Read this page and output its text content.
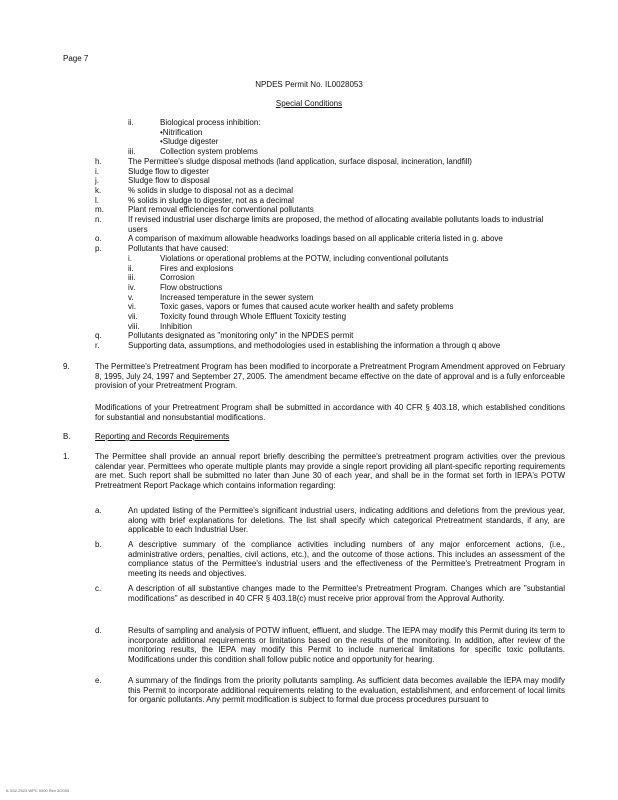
Page 7
NPDES Permit No. IL0028053
Special Conditions
ii.	Biological process inhibition:
•Nitrification
•Sludge digester
iii.	Collection system problems
h.	The Permittee's sludge disposal methods (land application, surface disposal, incineration, landfill)
i.	Sludge flow to digester
j.	Sludge flow to disposal
k.	% solids in sludge to disposal not as a decimal
l.	% solids in sludge to digester, not as a decimal
m.	Plant removal efficiencies for conventional pollutants
n.	If revised industrial user discharge limits are proposed, the method of allocating available pollutants loads to industrial
users
o.	A comparison of maximum allowable headworks loadings based on all applicable criteria listed in g. above
p.	Pollutants that have caused:
i.	Violations or operational problems at the POTW, including conventional pollutants
ii.	Fires and explosions
iii.	Corrosion
iv.	Flow obstructions
v.	Increased temperature in the sewer system
vi.	Toxic gases, vapors or fumes that caused acute worker health and safety problems
vii.	Toxicity found through Whole Effluent Toxicity testing
viii.	Inhibition
q.	Pollutants designated as "monitoring only" in the NPDES permit
r.	Supporting data, assumptions, and methodologies used in establishing the information a through q above
9.	The Permittee's Pretreatment Program has been modified to incorporate a Pretreatment Program Amendment approved on February 8, 1995, July 24, 1997 and September 27, 2005. The amendment became effective on the date of approval and is a fully enforceable provision of your Pretreatment Program.
Modifications of your Pretreatment Program shall be submitted in accordance with 40 CFR § 403.18, which established conditions for substantial and nonsubstantial modifications.
B.	Reporting and Records Requirements
1.	The Permittee shall provide an annual report briefly describing the permittee's pretreatment program activities over the previous calendar year. Permittees who operate multiple plants may provide a single report providing all plant-specific reporting requirements are met. Such report shall be submitted no later than June 30 of each year, and shall be in the format set forth in IEPA's POTW Pretreatment Report Package which contains information regarding:
a.	An updated listing of the Permittee's significant industrial users, indicating additions and deletions from the previous year, along with brief explanations for deletions. The list shall specify which categorical Pretreatment standards, if any, are applicable to each Industrial User.
b.	A descriptive summary of the compliance activities including numbers of any major enforcement actions, (i.e., administrative orders, penalties, civil actions, etc.), and the outcome of those actions. This includes an assessment of the compliance status of the Permittee's industrial users and the effectiveness of the Permittee's Pretreatment Program in meeting its needs and objectives.
c.	A description of all substantive changes made to the Permittee's Pretreatment Program. Changes which are "substantial modifications" as described in 40 CFR § 403.18(c) must receive prior approval from the Approval Authority.
d.	Results of sampling and analysis of POTW influent, effluent, and sludge. The IEPA may modify this Permit during its term to incorporate additional requirements or limitations based on the results of the monitoring. In addition, after review of the monitoring results, the IEPA may modify this Permit to include numerical limitations for specific toxic pollutants. Modifications under this condition shall follow public notice and opportunity for hearing.
e.	A summary of the findings from the priority pollutants sampling. As sufficient data becomes available the IEPA may modify this Permit to incorporate additional requirements relating to the evaluation, establishment, and enforcement of local limits for organic pollutants. Any permit modification is subject to formal due process procedures pursuant to
IL 532-2523 WPC 0000 Rev 3/2005
